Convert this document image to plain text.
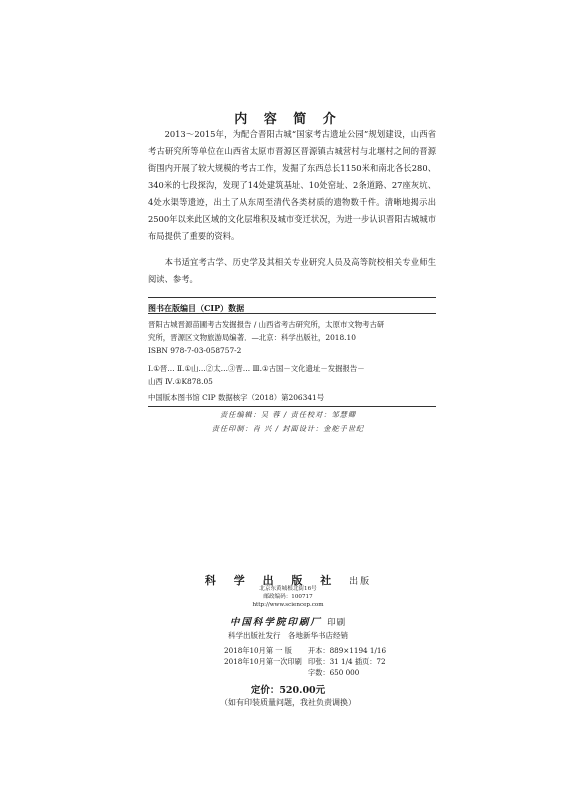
内 容 简 介

2013～2015年，为配合晋阳古城“国家考古遗址公园”规划建设，山西省考古研究所等单位在山西省太原市晋源区晋源镇古城营村与北堰村之间的晋源街围内开展了较大规模的考古工作，发掘了东西总长1150米和南北各长280、340米的七段探沟，发现了14处建筑基址、10处窑址、2条道路、27座灰坑、4处水渠等遗迹，出土了从东周至清代各类材质的遗物数千件。清晰地揭示出2500年以来此区域的文化层堆积及城市变迁状况，为进一步认识晋阳古城城市布局提供了重要的资料。

本书适宜考古学、历史学及其相关专业研究人员及高等院校相关专业师生阅读、参考。

图书在版编目（CIP）数据
晋阳古城晋源苗圃考古发掘报告 / 山西省考古研究所，太原市文物考古研
究所，晋源区文物旅游局编著．—北京：科学出版社，2018.10
ISBN 978-7-03-058757-2
Ⅰ.①晋… Ⅱ.①山…②太…③晋… Ⅲ.①古国－文化遗址－发掘报告－
山西 Ⅳ.①K878.05
中国版本图书馆 CIP 数据核字（2018）第206341号
责任编辑：吴 蓉 / 责任校对：邹慧卿
责任印制：肖 兴 / 封面设计：金舵手世纪
科 学 出 版 社 出版
北京东黄城根北街16号
邮政编码：100717
http://www.sciencep.com
中国科学院印刷厂 印刷
科学出版社发行　各地新华书店经销
2018年10月第 一 版 开本：889×1194 1/16
2018年10月第一次印刷 印张：31 1/4 插页：72
字数：650 000
定价：520.00元
（如有印装质量问题，我社负责调换）
